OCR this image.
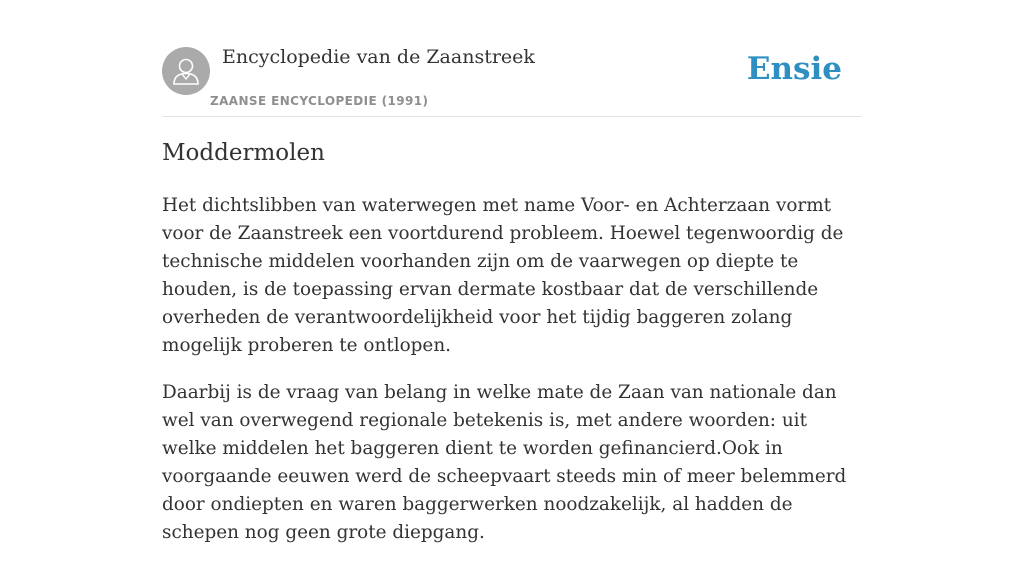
Encyclopedie van de Zaanstreek
ZAANSE ENCYCLOPEDIE (1991)
Ensie
Moddermolen

Het dichtslibben van waterwegen met name Voor- en Achterzaan vormt voor de Zaanstreek een voortdurend probleem. Hoewel tegenwoordig de technische middelen voorhanden zijn om de vaarwegen op diepte te houden, is de toepassing ervan dermate kostbaar dat de verschillende overheden de verantwoordelijkheid voor het tijdig baggeren zolang mogelijk proberen te ontlopen.

Daarbij is de vraag van belang in welke mate de Zaan van nationale dan wel van overwegend regionale betekenis is, met andere woorden: uit welke middelen het baggeren dient te worden gefinancierd.Ook in voorgaande eeuwen werd de scheepvaart steeds min of meer belemmerd door ondiepten en waren baggerwerken noodzakelijk, al hadden de schepen nog geen grote diepgang.
